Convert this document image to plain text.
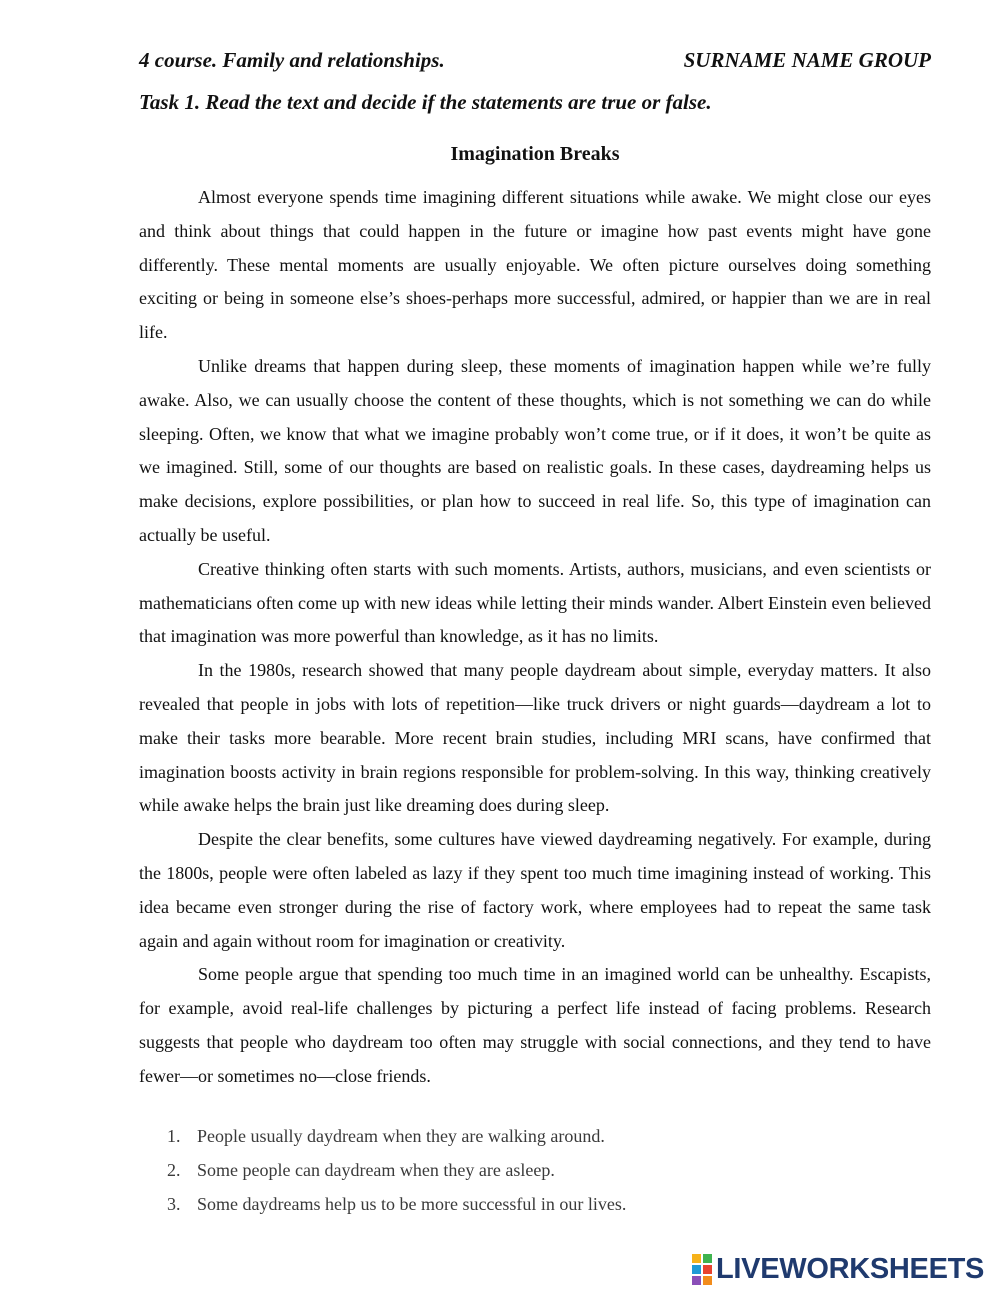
4 course. Family and relationships.	SURNAME NAME GROUP
Task 1. Read the text and decide if the statements are true or false.
Imagination Breaks

Almost everyone spends time imagining different situations while awake. We might close our eyes and think about things that could happen in the future or imagine how past events might have gone differently. These mental moments are usually enjoyable. We often picture ourselves doing something exciting or being in someone else’s shoes-perhaps more successful, admired, or happier than we are in real life.

Unlike dreams that happen during sleep, these moments of imagination happen while we’re fully awake. Also, we can usually choose the content of these thoughts, which is not something we can do while sleeping. Often, we know that what we imagine probably won’t come true, or if it does, it won’t be quite as we imagined. Still, some of our thoughts are based on realistic goals. In these cases, daydreaming helps us make decisions, explore possibilities, or plan how to succeed in real life. So, this type of imagination can actually be useful.

Creative thinking often starts with such moments. Artists, authors, musicians, and even scientists or mathematicians often come up with new ideas while letting their minds wander. Albert Einstein even believed that imagination was more powerful than knowledge, as it has no limits.

In the 1980s, research showed that many people daydream about simple, everyday matters. It also revealed that people in jobs with lots of repetition—like truck drivers or night guards—daydream a lot to make their tasks more bearable. More recent brain studies, including MRI scans, have confirmed that imagination boosts activity in brain regions responsible for problem-solving. In this way, thinking creatively while awake helps the brain just like dreaming does during sleep.

Despite the clear benefits, some cultures have viewed daydreaming negatively. For example, during the 1800s, people were often labeled as lazy if they spent too much time imagining instead of working. This idea became even stronger during the rise of factory work, where employees had to repeat the same task again and again without room for imagination or creativity.

Some people argue that spending too much time in an imagined world can be unhealthy. Escapists, for example, avoid real-life challenges by picturing a perfect life instead of facing problems. Research suggests that people who daydream too often may struggle with social connections, and they tend to have fewer—or sometimes no—close friends.

1. People usually daydream when they are walking around.
2. Some people can daydream when they are asleep.
3. Some daydreams help us to be more successful in our lives.
LIVEWORKSHEETS
